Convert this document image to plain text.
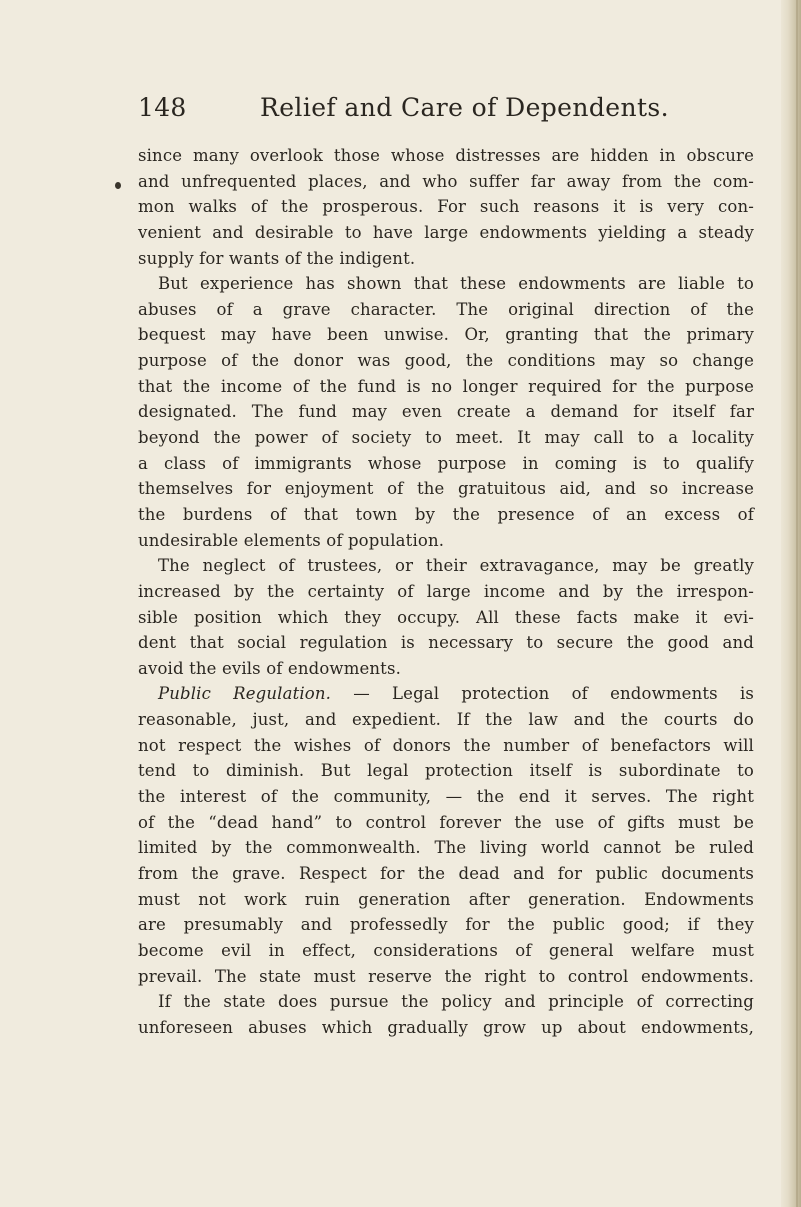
148	Relief and Care of Dependents.
since many overlook those whose distresses are hidden in obscure
and unfrequented places, and who suffer far away from the com-
mon walks of the prosperous. For such reasons it is very con-
venient and desirable to have large endowments yielding a steady
supply for wants of the indigent.
But experience has shown that these endowments are liable to
abuses of a grave character. The original direction of the
bequest may have been unwise. Or, granting that the primary
purpose of the donor was good, the conditions may so change
that the income of the fund is no longer required for the purpose
designated. The fund may even create a demand for itself far
beyond the power of society to meet. It may call to a locality
a class of immigrants whose purpose in coming is to qualify
themselves for enjoyment of the gratuitous aid, and so increase
the burdens of that town by the presence of an excess of
undesirable elements of population.
The neglect of trustees, or their extravagance, may be greatly
increased by the certainty of large income and by the irrespon-
sible position which they occupy. All these facts make it evi-
dent that social regulation is necessary to secure the good and
avoid the evils of endowments.
Public Regulation. — Legal protection of endowments is
reasonable, just, and expedient. If the law and the courts do
not respect the wishes of donors the number of benefactors will
tend to diminish. But legal protection itself is subordinate to
the interest of the community, — the end it serves. The right
of the “dead hand” to control forever the use of gifts must be
limited by the commonwealth. The living world cannot be ruled
from the grave. Respect for the dead and for public documents
must not work ruin generation after generation. Endowments
are presumably and professedly for the public good; if they
become evil in effect, considerations of general welfare must
prevail. The state must reserve the right to control endowments.
If the state does pursue the policy and principle of correcting
unforeseen abuses which gradually grow up about endowments,
